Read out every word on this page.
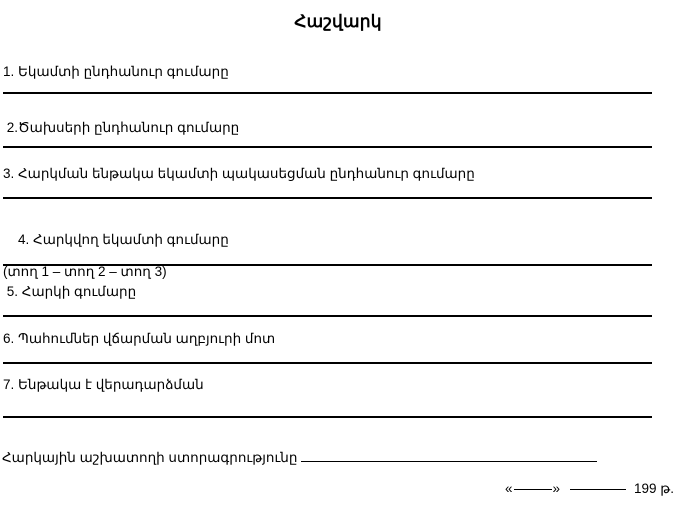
Հաշվարկ
1. Եկամտի ընդհանուր գումարը
2.Ծախսերի ընդհանուր գումարը
3. Հարկման ենթակա եկամտի պակասեցման ընդհանուր գումարը

4. Հարկվող եկամտի գումարը

(տող 1 – տող 2 – տող 3)

5. Հարկի գումարը
6. Պահումներ վճարման աղբյուրի մոտ
7. Ենթակա է վերադարձման
Հարկային աշխատողի ստորագրությունը
«	»	199 թ.
